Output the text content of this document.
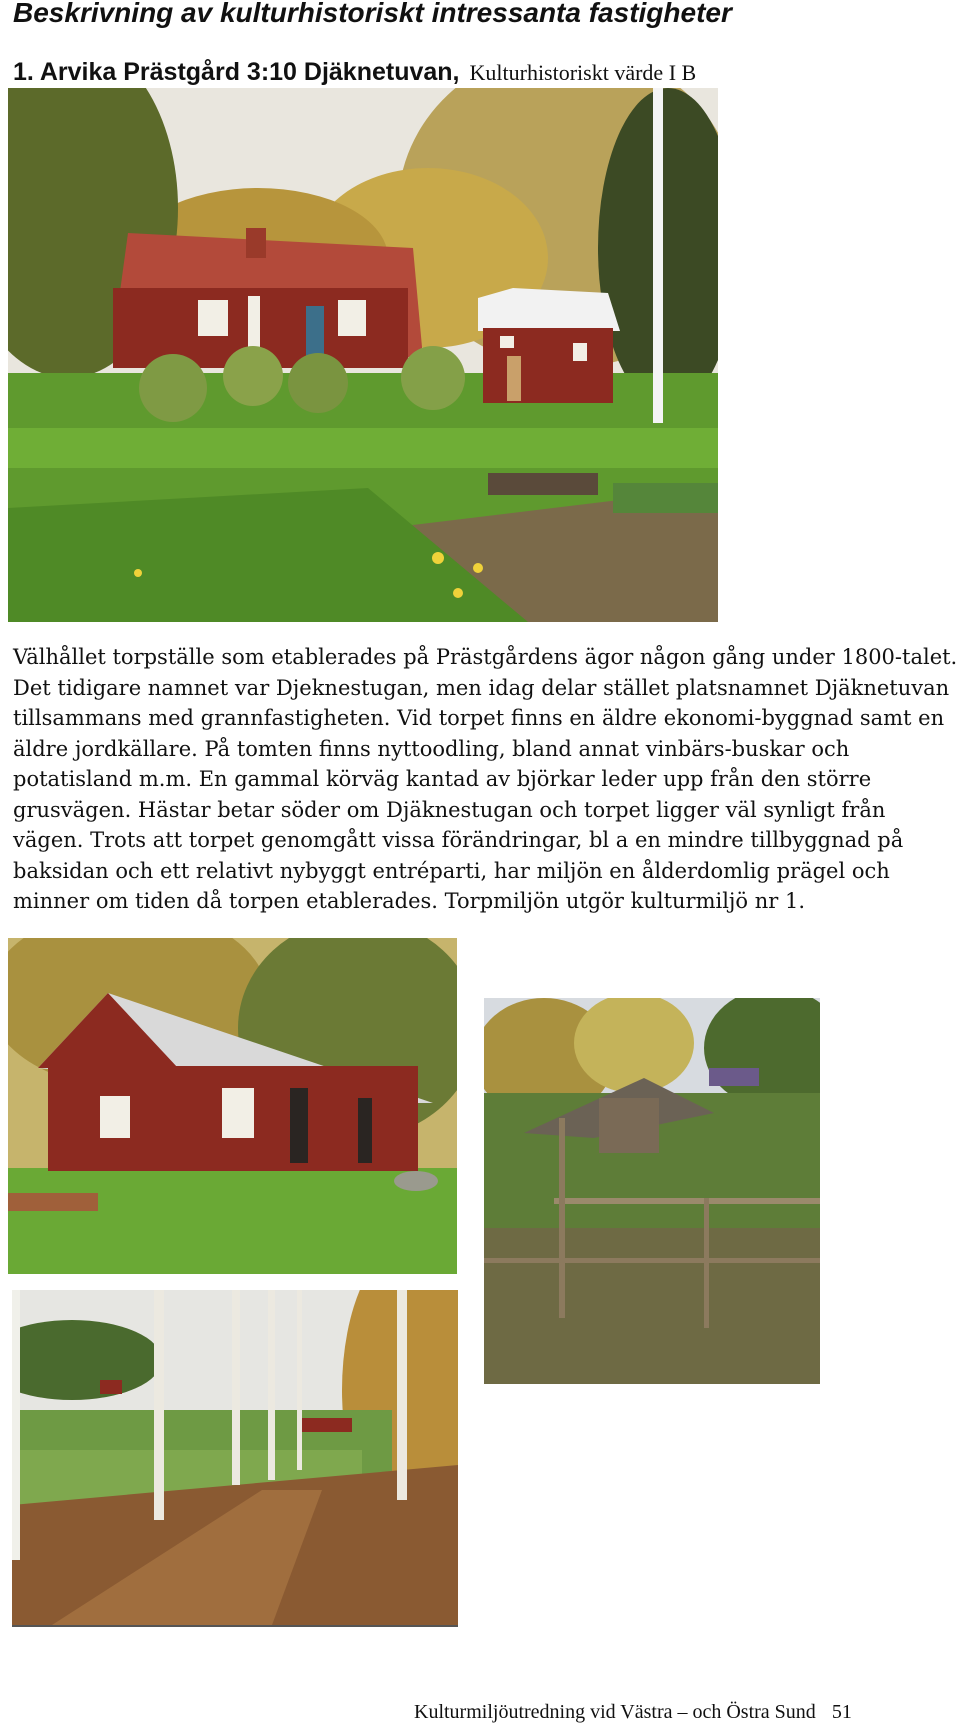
Beskrivning av kulturhistoriskt intressanta fastigheter
1. Arvika Prästgård 3:10 Djäknetuvan, Kulturhistoriskt värde I B

Välhållet torpställe som etablerades på Prästgårdens ägor någon gång under 1800-talet. Det tidigare namnet var Djeknestugan, men idag delar stället platsnamnet Djäknetuvan tillsammans med grannfastigheten. Vid torpet finns en äldre ekonomi-byggnad samt en äldre jordkällare. På tomten finns nyttoodling, bland annat vinbärs-buskar och potatisland m.m. En gammal körväg kantad av björkar leder upp från den större grusvägen. Hästar betar söder om Djäknestugan och torpet ligger väl synligt från vägen. Trots att torpet genomgått vissa förändringar, bl a en mindre tillbyggnad på baksidan och ett relativt nybyggt entréparti, har miljön en ålderdomlig prägel och minner om tiden då torpen etablerades. Torpmiljön utgör kulturmiljö nr 1.

Kulturmiljöutredning vid Västra – och Östra Sund 51
